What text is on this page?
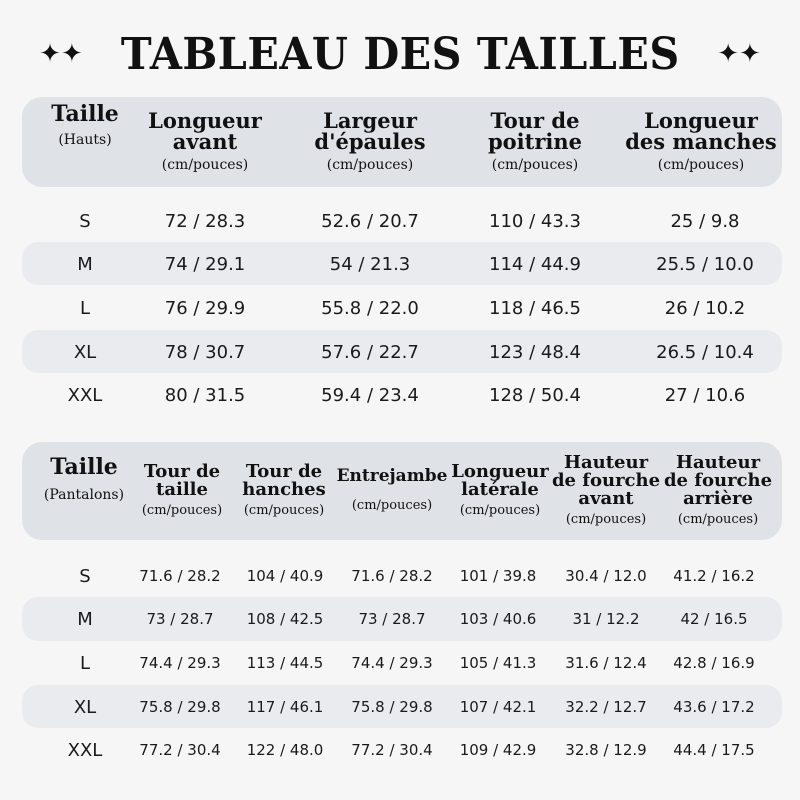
✦✦ TABLEAU DES TAILLES ✦✦
Taille
(Hauts)
Longueur avant
(cm/pouces)
Largeur d'épaules
(cm/pouces)
Tour de poitrine
(cm/pouces)
Longueur des manches
(cm/pouces)
S	72 / 28.3	52.6 / 20.7	110 / 43.3	25 / 9.8
M	74 / 29.1	54 / 21.3	114 / 44.9	25.5 / 10.0
L	76 / 29.9	55.8 / 22.0	118 / 46.5	26 / 10.2
XL	78 / 30.7	57.6 / 22.7	123 / 48.4	26.5 / 10.4
XXL	80 / 31.5	59.4 / 23.4	128 / 50.4	27 / 10.6
Taille
(Pantalons)
Tour de taille
(cm/pouces)
Tour de hanches
(cm/pouces)
Entrejambe
(cm/pouces)
Longueur latérale
(cm/pouces)
Hauteur de fourche avant
(cm/pouces)
Hauteur de fourche arrière
(cm/pouces)
S	71.6 / 28.2 104 / 40.9 71.6 / 28.2 101 / 39.8 30.4 / 12.0 41.2 / 16.2
M	73 / 28.7 108 / 42.5 73 / 28.7 103 / 40.6 31 / 12.2	42 / 16.5
L	74.4 / 29.3 113 / 44.5 74.4 / 29.3 105 / 41.3 31.6 / 12.4 42.8 / 16.9
XL	75.8 / 29.8 117 / 46.1 75.8 / 29.8 107 / 42.1 32.2 / 12.7 43.6 / 17.2
XXL 77.2 / 30.4 122 / 48.0 77.2 / 30.4 109 / 42.9 32.8 / 12.9 44.4 / 17.5
